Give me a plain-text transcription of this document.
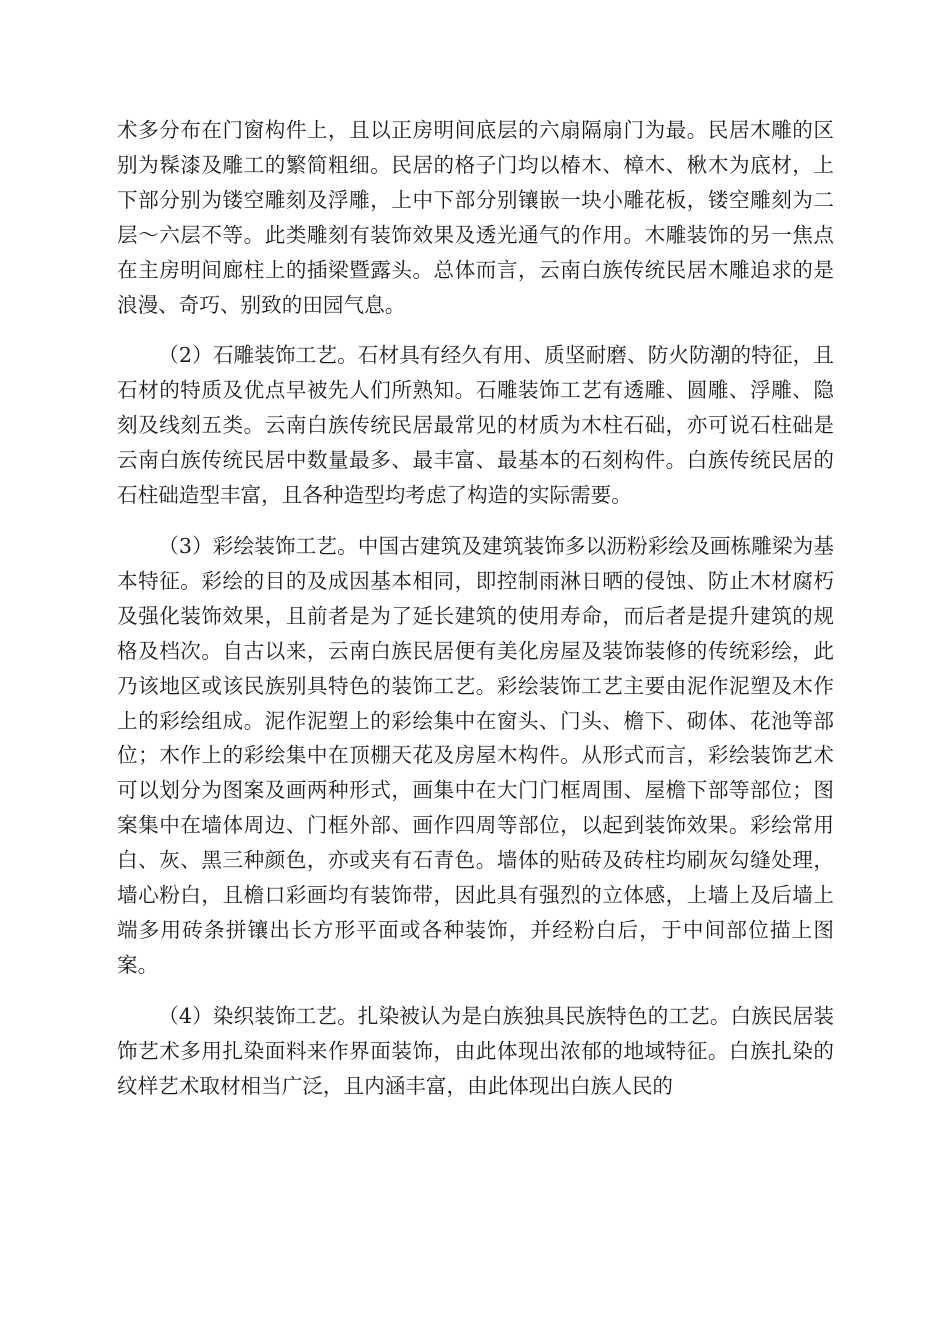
术多分布在门窗构件上，且以正房明间底层的六扇隔扇门为最。民居木雕的区别为髹漆及雕工的繁简粗细。民居的格子门均以椿木、樟木、楸木为底材，上下部分别为镂空雕刻及浮雕，上中下部分别镶嵌一块小雕花板，镂空雕刻为二层～六层不等。此类雕刻有装饰效果及透光通气的作用。木雕装饰的另一焦点在主房明间廊柱上的插梁暨露头。总体而言，云南白族传统民居木雕追求的是浪漫、奇巧、别致的田园气息。

（2）石雕装饰工艺。石材具有经久有用、质坚耐磨、防火防潮的特征，且石材的特质及优点早被先人们所熟知。石雕装饰工艺有透雕、圆雕、浮雕、隐刻及线刻五类。云南白族传统民居最常见的材质为木柱石础，亦可说石柱础是云南白族传统民居中数量最多、最丰富、最基本的石刻构件。白族传统民居的石柱础造型丰富，且各种造型均考虑了构造的实际需要。

（3）彩绘装饰工艺。中国古建筑及建筑装饰多以沥粉彩绘及画栋雕梁为基本特征。彩绘的目的及成因基本相同，即控制雨淋日晒的侵蚀、防止木材腐朽及强化装饰效果，且前者是为了延长建筑的使用寿命，而后者是提升建筑的规格及档次。自古以来，云南白族民居便有美化房屋及装饰装修的传统彩绘，此乃该地区或该民族别具特色的装饰工艺。彩绘装饰工艺主要由泥作泥塑及木作上的彩绘组成。泥作泥塑上的彩绘集中在窗头、门头、檐下、砌体、花池等部位；木作上的彩绘集中在顶棚天花及房屋木构件。从形式而言，彩绘装饰艺术可以划分为图案及画两种形式，画集中在大门门框周围、屋檐下部等部位；图案集中在墙体周边、门框外部、画作四周等部位，以起到装饰效果。彩绘常用白、灰、黑三种颜色，亦或夹有石青色。墙体的贴砖及砖柱均刷灰勾缝处理，墙心粉白，且檐口彩画均有装饰带，因此具有强烈的立体感，上墙上及后墙上端多用砖条拼镶出长方形平面或各种装饰，并经粉白后，于中间部位描上图案。

（4）染织装饰工艺。扎染被认为是白族独具民族特色的工艺。白族民居装饰艺术多用扎染面料来作界面装饰，由此体现出浓郁的地域特征。白族扎染的纹样艺术取材相当广泛，且内涵丰富，由此体现出白族人民的
